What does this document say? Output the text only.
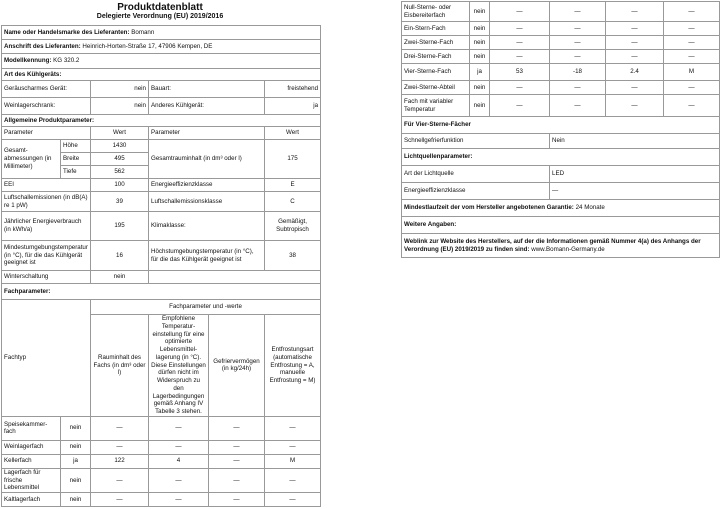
Produktdatenblatt
Delegierte Verordnung (EU) 2019/2016
Name oder Handelsmarke des Lieferanten: Bomann					
Anschrift des Lieferanten: Heinrich-Horten-Straße 17, 47906 Kempen, DE					
Modellkennung: KG 320.2					
Art des Kühlgeräts:					
Geräuscharmes Gerät:		nein	Bauart:		freistehend
Weinlagerschrank:		nein	Anderes Kühlgerät:		ja
Allgemeine Produktparameter:					
Parameter		Wert	Parameter		Wert
Gesamt-abmessungen (in Millimeter)	Höhe	1430	Gesamtrauminhalt (in dm³ oder l)		175
	Breite	495			
	Tiefe	562			
EEI		100	Energieeffizienzklasse		E
Luftschallemissionen (in dB(A) re 1 pW)		39	Luftschallemissionsklasse		C
Jährlicher Energieverbrauch (in kWh/a)		195	Klimaklasse:		Gemäßigt, Subtropisch
Mindestumgebungstemperatur (in °C), für die das Kühlgerät geeignet ist		16	Höchstumgebungstemperatur (in °C), für die das Kühlgerät geeignet ist		38
Winterschaltung		nein			
Fachparameter:					
Fachtyp		Fachparameter und -werte			
		Rauminhalt des Fachs (in dm³ oder l)	Empfohlene Temperatur-einstellung für eine optimierte Lebensmittel-lagerung (in °C). Diese Einstellungen dürfen nicht im Widerspruch zu den Lagerbedingungen gemäß Anhang IV Tabelle 3 stehen.	Gefriervermögen (in kg/24h)	Entfrostungsart (automatische Entfrostung = A, manuelle Entfrostung = M)
Speisekammer-fach	nein	—	—	—	—
Weinlagerfach	nein	—	—	—	—
Kellerfach	ja	122	4	—	M
Lagerfach für frische Lebensmittel	nein	—	—	—	—
Kaltlagerfach	nein	—	—	—	—
Null-Sterne- oder Eisbereiterfach	nein	—	—	—	—
Ein-Stern-Fach	nein	—	—	—	—
Zwei-Sterne-Fach	nein	—	—	—	—
Drei-Sterne-Fach	nein	—	—	—	—
Vier-Sterne-Fach	ja	53	-18	2.4	M
Zwei-Sterne-Abteil	nein	—	—	—	—
Fach mit variabler Temperatur	nein	—	—	—	—
Für Vier-Sterne-Fächer					
Schnellgefrierfunktion			Nein		
Lichtquellenparameter:					
Art der Lichtquelle			LED		
Energieeffizienzklasse			—		
Mindestlaufzeit der vom Hersteller angebotenen Garantie: 24 Monate					
Weitere Angaben:					
Weblink zur Website des Herstellers, auf der die Informationen gemäß Nummer 4(a) des Anhangs der Verordnung (EU) 2019/2019 zu finden sind: www.Bomann-Germany.de					
